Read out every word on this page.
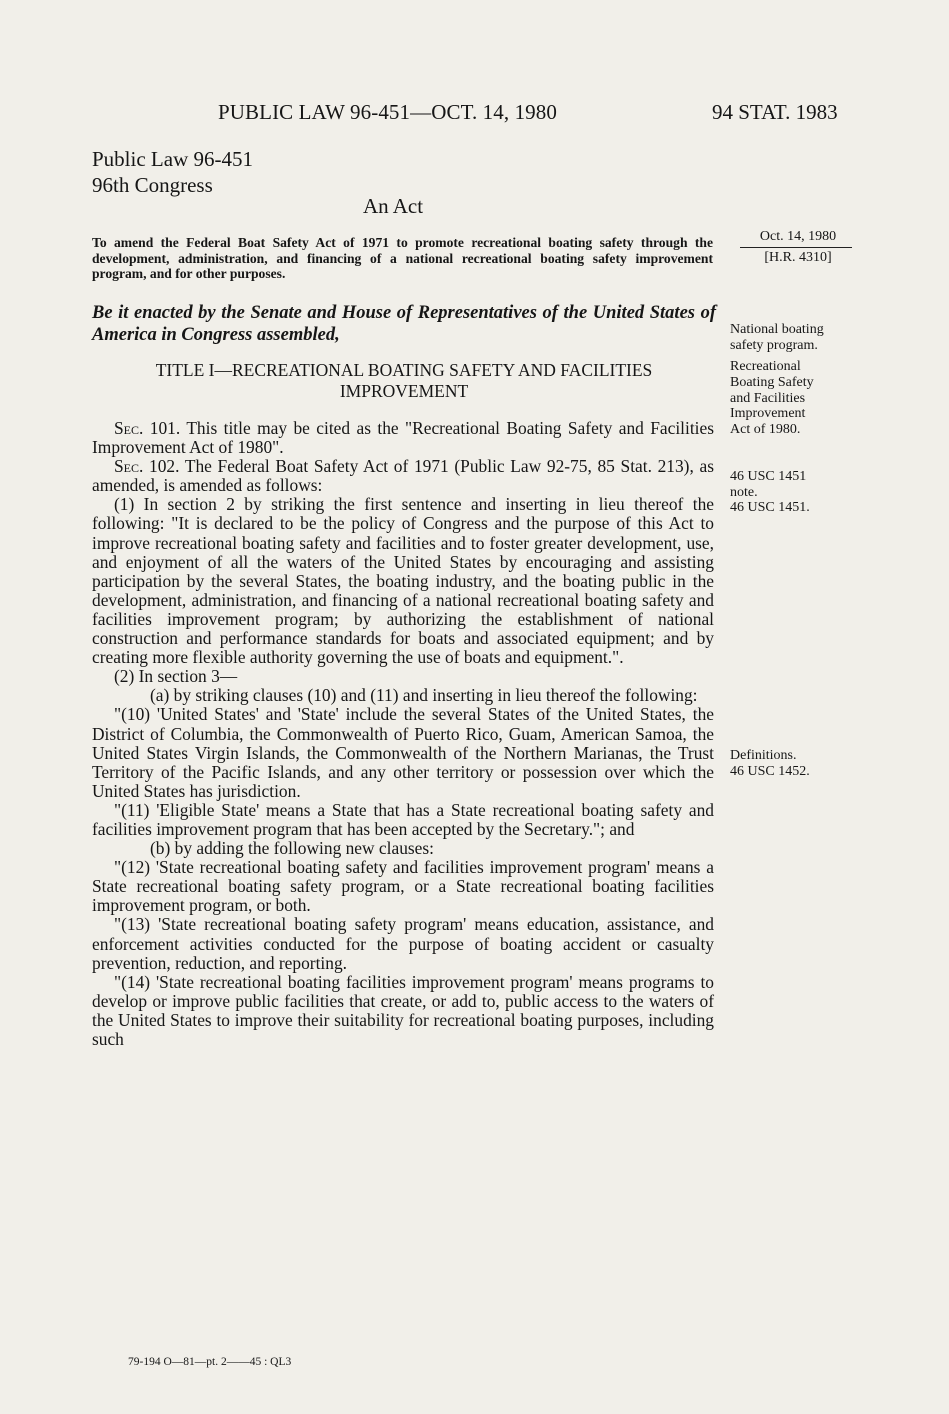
PUBLIC LAW 96-451—OCT. 14, 1980	94 STAT. 1983
Public Law 96-451
96th Congress
An Act
To amend the Federal Boat Safety Act of 1971 to promote recreational boating safety through the development, administration, and financing of a national recreational boating safety improvement program, and for other purposes.
Be it enacted by the Senate and House of Representatives of the United States of America in Congress assembled,
TITLE I—RECREATIONAL BOATING SAFETY AND FACILITIES IMPROVEMENT

Sec. 101. This title may be cited as the "Recreational Boating Safety and Facilities Improvement Act of 1980".

Sec. 102. The Federal Boat Safety Act of 1971 (Public Law 92-75, 85 Stat. 213), as amended, is amended as follows:

(1) In section 2 by striking the first sentence and inserting in lieu thereof the following: "It is declared to be the policy of Congress and the purpose of this Act to improve recreational boating safety and facilities and to foster greater development, use, and enjoyment of all the waters of the United States by encouraging and assisting participation by the several States, the boating industry, and the boating public in the development, administration, and financing of a national recreational boating safety and facilities improvement program; by authorizing the establishment of national construction and performance standards for boats and associated equipment; and by creating more flexible authority governing the use of boats and equipment.".

(2) In section 3—

(a) by striking clauses (10) and (11) and inserting in lieu thereof the following:

"(10) 'United States' and 'State' include the several States of the United States, the District of Columbia, the Commonwealth of Puerto Rico, Guam, American Samoa, the United States Virgin Islands, the Commonwealth of the Northern Marianas, the Trust Territory of the Pacific Islands, and any other territory or possession over which the United States has jurisdiction.

"(11) 'Eligible State' means a State that has a State recreational boating safety and facilities improvement program that has been accepted by the Secretary."; and

(b) by adding the following new clauses:

"(12) 'State recreational boating safety and facilities improvement program' means a State recreational boating safety program, or a State recreational boating facilities improvement program, or both.

"(13) 'State recreational boating safety program' means education, assistance, and enforcement activities conducted for the purpose of boating accident or casualty prevention, reduction, and reporting.

"(14) 'State recreational boating facilities improvement program' means programs to develop or improve public facilities that create, or add to, public access to the waters of the United States to improve their suitability for recreational boating purposes, including such

Oct. 14, 1980
[H.R. 4310]
National boating safety program.
Recreational Boating Safety and Facilities Improvement Act of 1980.
46 USC 1451 note.
46 USC 1451.
Definitions.
46 USC 1452.
79-194 O—81—pt. 2——45 : QL3
